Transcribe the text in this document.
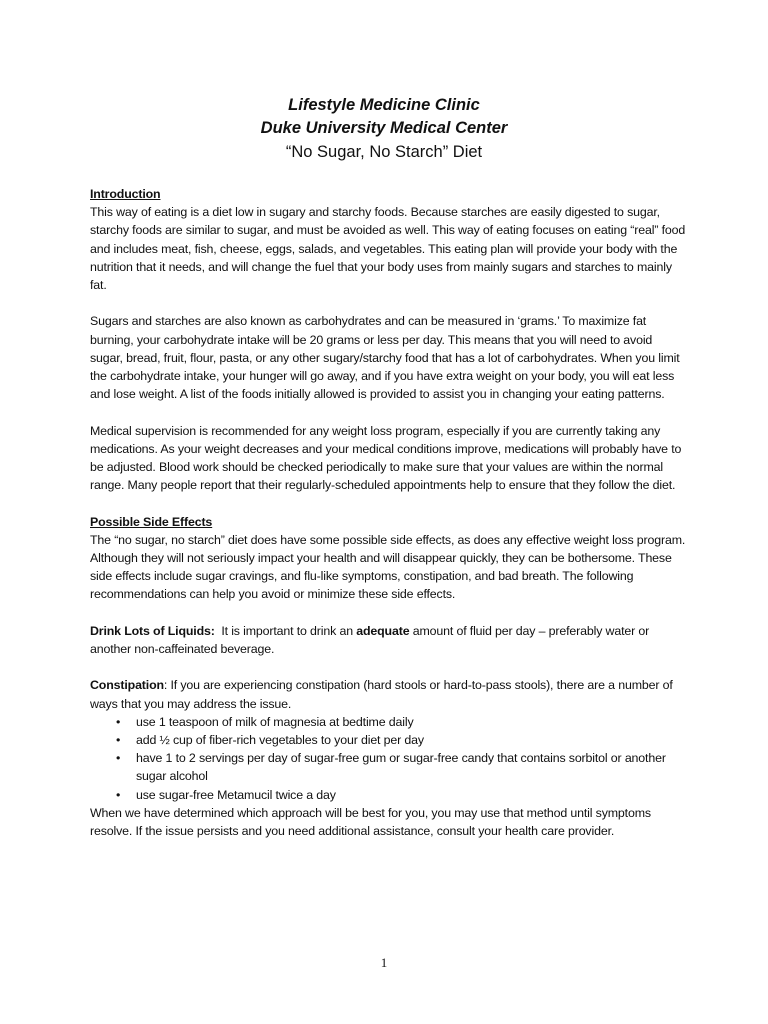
Lifestyle Medicine Clinic
Duke University Medical Center
“No Sugar, No Starch” Diet
Introduction

This way of eating is a diet low in sugary and starchy foods. Because starches are easily digested to sugar, starchy foods are similar to sugar, and must be avoided as well. This way of eating focuses on eating “real” food and includes meat, fish, cheese, eggs, salads, and vegetables. This eating plan will provide your body with the nutrition that it needs, and will change the fuel that your body uses from mainly sugars and starches to mainly fat.

Sugars and starches are also known as carbohydrates and can be measured in ‘grams.’ To maximize fat burning, your carbohydrate intake will be 20 grams or less per day. This means that you will need to avoid sugar, bread, fruit, flour, pasta, or any other sugary/starchy food that has a lot of carbohydrates. When you limit the carbohydrate intake, your hunger will go away, and if you have extra weight on your body, you will eat less and lose weight. A list of the foods initially allowed is provided to assist you in changing your eating patterns.

Medical supervision is recommended for any weight loss program, especially if you are currently taking any medications. As your weight decreases and your medical conditions improve, medications will probably have to be adjusted. Blood work should be checked periodically to make sure that your values are within the normal range. Many people report that their regularly-scheduled appointments help to ensure that they follow the diet.

Possible Side Effects

The “no sugar, no starch” diet does have some possible side effects, as does any effective weight loss program. Although they will not seriously impact your health and will disappear quickly, they can be bothersome. These side effects include sugar cravings, and flu-like symptoms, constipation, and bad breath. The following recommendations can help you avoid or minimize these side effects.

Drink Lots of Liquids:  It is important to drink an adequate amount of fluid per day – preferably water or another non-caffeinated beverage.

Constipation: If you are experiencing constipation (hard stools or hard-to-pass stools), there are a number of ways that you may address the issue.

• use 1 teaspoon of milk of magnesia at bedtime daily
• add ½ cup of fiber-rich vegetables to your diet per day
• have 1 to 2 servings per day of sugar-free gum or sugar-free candy that contains sorbitol or another sugar alcohol
• use sugar-free Metamucil twice a day

When we have determined which approach will be best for you, you may use that method until symptoms resolve. If the issue persists and you need additional assistance, consult your health care provider.

1
